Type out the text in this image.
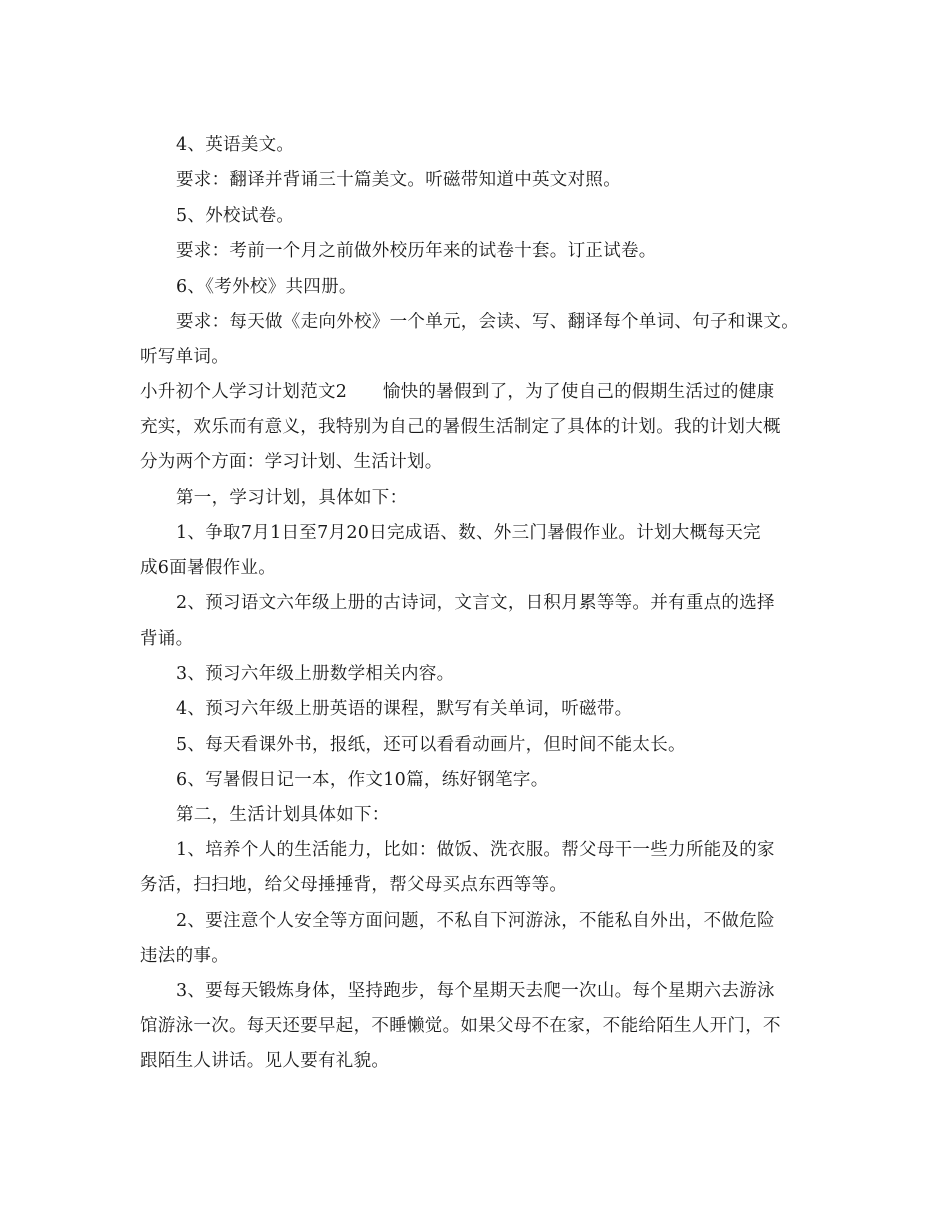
4、英语美文。
要求：翻译并背诵三十篇美文。听磁带知道中英文对照。
5、外校试卷。
要求：考前一个月之前做外校历年来的试卷十套。订正试卷。
6、《考外校》共四册。
要求：每天做《走向外校》一个单元，会读、写、翻译每个单词、句子和课文。
听写单词。
小升初个人学习计划范文2　　愉快的暑假到了，为了使自己的假期生活过的健康
充实，欢乐而有意义，我特别为自己的暑假生活制定了具体的计划。我的计划大概
分为两个方面：学习计划、生活计划。
第一，学习计划，具体如下：
1、争取7月1日至7月20日完成语、数、外三门暑假作业。计划大概每天完
成6面暑假作业。
2、预习语文六年级上册的古诗词，文言文，日积月累等等。并有重点的选择
背诵。
3、预习六年级上册数学相关内容。
4、预习六年级上册英语的课程，默写有关单词，听磁带。
5、每天看课外书，报纸，还可以看看动画片，但时间不能太长。
6、写暑假日记一本，作文10篇，练好钢笔字。
第二，生活计划具体如下：
1、培养个人的生活能力，比如：做饭、洗衣服。帮父母干一些力所能及的家
务活，扫扫地，给父母捶捶背，帮父母买点东西等等。
2、要注意个人安全等方面问题，不私自下河游泳，不能私自外出，不做危险
违法的事。
3、要每天锻炼身体，坚持跑步，每个星期天去爬一次山。每个星期六去游泳
馆游泳一次。每天还要早起，不睡懒觉。如果父母不在家，不能给陌生人开门，不
跟陌生人讲话。见人要有礼貌。
